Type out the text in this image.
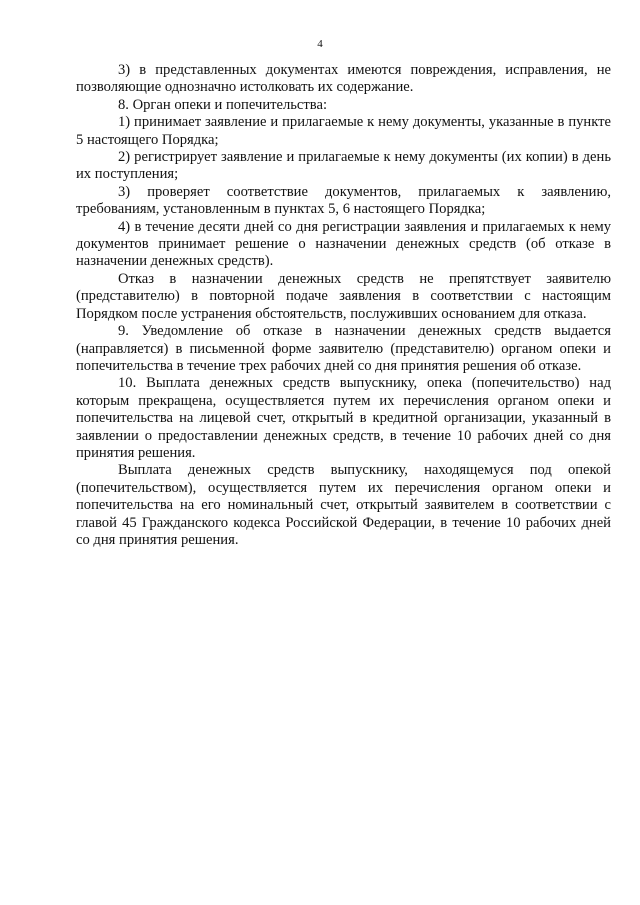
4

3) в представленных документах имеются повреждения, исправления, не позволяющие однозначно истолковать их содержание.

8. Орган опеки и попечительства:

1) принимает заявление и прилагаемые к нему документы, указанные в пункте 5 настоящего Порядка;

2) регистрирует заявление и прилагаемые к нему документы (их копии) в день их поступления;

3) проверяет соответствие документов, прилагаемых к заявлению, требованиям, установленным в пунктах 5, 6 настоящего Порядка;

4) в течение десяти дней со дня регистрации заявления и прилагаемых к нему документов принимает решение о назначении денежных средств (об отказе в назначении денежных средств).

Отказ в назначении денежных средств не препятствует заявителю (представителю) в повторной подаче заявления в соответствии с настоящим Порядком после устранения обстоятельств, послуживших основанием для отказа.

9. Уведомление об отказе в назначении денежных средств выдается (направляется) в письменной форме заявителю (представителю) органом опеки и попечительства в течение трех рабочих дней со дня принятия решения об отказе.

10. Выплата денежных средств выпускнику, опека (попечительство) над которым прекращена, осуществляется путем их перечисления органом опеки и попечительства на лицевой счет, открытый в кредитной организации, указанный в заявлении о предоставлении денежных средств, в течение 10 рабочих дней со дня принятия решения.

Выплата денежных средств выпускнику, находящемуся под опекой (попечительством), осуществляется путем их перечисления органом опеки и попечительства на его номинальный счет, открытый заявителем в соответствии с главой 45 Гражданского кодекса Российской Федерации, в течение 10 рабочих дней со дня принятия решения.
